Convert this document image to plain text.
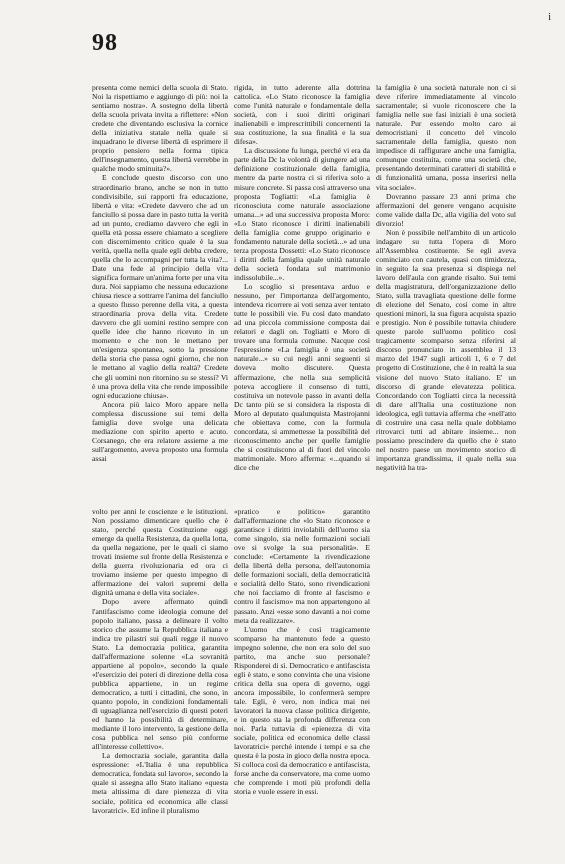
98
i

presenta come nemici della scuola di Stato. Noi la rispettiamo e aggiungo di più: noi la sentiamo nostra». A sostegno della libertà della scuola privata invita a riflettere: «Non credete che diventando esclusiva la cornice della iniziativa statale nella quale si inquadrano le diverse libertà di esprimere il proprio pensiero nella forma tipica dell'insegnamento, questa libertà verrebbe in qualche modo sminuita?».

E conclude questo discorso con uno straordinario brano, anche se non in tutto condivisibile, sui rapporti fra educazione, libertà e vita: «Credete davvero che ad un fanciullo si possa dare in pasto tutta la verità ad un punto, crediamo davvero che egli in quella età possa essere chiamato a scegliere con discernimento critico quale è la sua verità, quella nella quale egli debba credere, quella che lo accompagni per tutta la vita?... Date una fede al principio della vita significa formare un'anima forte per una vita dura. Noi sappiamo che nessuna educazione chiusa riesce a sottrarre l'anima del fanciullo a questo flusso perenne della vita, a questa straordinaria prova della vita. Credete davvero che gli uomini restino sempre con quelle idee che hanno ricevuto in un momento e che non le mettano per un'esigenza spontanea, sotto la pressione della storia che passa ogni giorno, che non le mettano al vaglio della realtà? Credete che gli uomini non ritornino su se stessi? Vi è una prova della vita che rende impossibile ogni educazione chiusa».

Ancora più laico Moro appare nella complessa discussione sui temi della famiglia dove svolge una delicata mediazione con spirito aperto e acuto. Corsanego, che era relatore assieme a me sull'argomento, aveva proposto una formula assai

rigida, in tutto aderente alla dottrina cattolica. «Lo Stato riconosce la famiglia come l'unità naturale e fondamentale della società, con i suoi diritti originari inalienabili e imprescrittibili concernenti la sua costituzione, la sua finalità e la sua difesa».

La discussione fu lunga, perché vi era da parte della Dc la volontà di giungere ad una definizione costituzionale della famiglia, mentre da parte nostra ci si riferiva solo a misure concrete. Si passa così attraverso una proposta Togliatti: «La famiglia è riconosciuta come naturale associazione umana...» ad una successiva proposta Moro: «Lo Stato riconosce i diritti inalienabili della famiglia come gruppo originario e fondamento naturale della società...» ad una terza proposta Dossetti: «Lo Stato riconosce i diritti della famiglia quale unità naturale della società fondata sul matrimonio indissolubile...».

Lo scoglio si presentava arduo e nessuno, per l'importanza dell'argomento, intendeva ricorrere ai voti senza aver tentato tutte le possibili vie. Fu così dato mandato ad una piccola commissione composta dai relatori e dagli on. Togliatti e Moro di trovare una formula comune. Nacque così l'espressione «La famiglia è una società naturale...» su cui negli anni seguenti si doveva molto discutere. Questa affermazione, che nella sua semplicità poteva accogliere il consenso di tutti, costituiva un notevole passo in avanti della Dc tanto più se si considera la risposta di Moro al deputato qualunquista Mastrojanni che obiettava come, con la formula concordata, si ammettesse la possibilità del riconoscimento anche per quelle famiglie che si costituiscono al di fuori del vincolo matrimoniale. Moro afferma: «...quando si dice che

la famiglia è una società naturale non ci si deve riferire immediatamente al vincolo sacramentale; si vuole riconoscere che la famiglia nelle sue fasi iniziali è una società naturale. Pur essendo molto caro ai democristiani il concetto del vincolo sacramentale della famiglia, questo non impedisce di raffigurare anche una famiglia, comunque costituita, come una società che, presentando determinati caratteri di stabilità e di funzionalità umana, possa inserirsi nella vita sociale».

Dovranno passare 23 anni prima che affermazioni del genere vengano acquisite come valide dalla Dc, alla vigilia del voto sul divorzio!

Non è possibile nell'ambito di un articolo indagare su tutta l'opera di Moro all'Assemblea costituente. Se egli aveva cominciato con cautela, quasi con timidezza, in seguito la sua presenza si dispiega nel lavoro dell'aula con grande risalto. Sui temi della magistratura, dell'organizzazione dello Stato, sulla travagliata questione delle forme di elezione del Senato, così come in altre questioni minori, la sua figura acquista spazio e prestigio. Non è possibile tuttavia chiudere queste parole sull'uomo politico così tragicamente scomparso senza riferirsi al discorso pronunciato in assemblea il 13 marzo del 1947 sugli articoli 1, 6 e 7 del progetto di Costituzione, che è in realtà la sua visione del nuovo Stato italiano. E' un discorso di grande elevatezza politica. Concordando con Togliatti circa la necessità di dare all'Italia una costituzione non ideologica, egli tuttavia afferma che «nell'atto di costruire una casa nella quale dobbiamo ritrovarci tutti ad abitare insieme... non possiamo prescindere da quello che è stato nel nostro paese un movimento storico di importanza grandissima, il quale nella sua negatività ha tra-

volto per anni le coscienze e le istituzioni. Non possiamo dimenticare quello che è stato, perché questa Costituzione oggi emerge da quella Resistenza, da quella lotta, da quella negazione, per le quali ci siamo trovati insieme sul fronte della Resistenza e della guerra rivoluzionaria ed ora ci troviamo insieme per questo impegno di affermazione dei valori supremi della dignità umana e della vita sociale».

Dopo avere affermato quindi l'antifascismo come ideologia comune del popolo italiano, passa a delineare il volto storico che assume la Repubblica italiana e indica tre pilastri sui quali regge il nuovo Stato. La democrazia politica, garantita dall'affermazione solenne «La sovranità appartiene al popolo», secondo la quale «l'esercizio dei poteri di direzione della cosa pubblica appartiene, in un regime democratico, a tutti i cittadini, che sono, in quanto popolo, in condizioni fondamentali di uguaglianza nell'esercizio di questi poteri ed hanno la possibilità di determinare, mediante il loro intervento, la gestione della cosa pubblica nel senso più conforme all'interesse collettivo».

La democrazia sociale, garantita dalla espressione: «L'Italia è una repubblica democratica, fondata sul lavoro», secondo la quale si assegna allo Stato italiano «questa meta altissima di dare pienezza di vita sociale, politica ed economica alle classi lavoratrici». Ed infine il pluralismo

«pratico e politico» garantito dall'affermazione che «lo Stato riconosce e garantisce i diritti inviolabili dell'uomo sia come singolo, sia nelle formazioni sociali ove si svolge la sua personalità». E conclude: «Certamente la rivendicazione della libertà della persona, dell'autonomia delle formazioni sociali, della democraticità e socialità dello Stato, sono rivendicazioni che noi facciamo di fronte al fascismo e contro il fascismo» ma non appartengono al passato. Anzi «esse sono davanti a noi come meta da realizzare».

L'uomo che è così tragicamente scomparso ha mantenuto fede a questo impegno solenne, che non era solo del suo partito, ma anche suo personale? Risponderei di sì. Democratico e antifascista egli è stato, e sono convinta che una visione critica della sua opera di governo, oggi ancora impossibile, lo confermerà sempre tale. Egli, è vero, non indica mai nei lavoratori la nuova classe politica dirigente, e in questo sta la profonda differenza con noi. Parla tuttavia di «pienezza di vita sociale, politica ed economica delle classi lavoratrici» perché intende i tempi e sa che questa è la posta in gioco della nostra epoca. Si colloca così da democratico e antifascista, forse anche da conservatore, ma come uomo che comprende i moti più profondi della storia e vuole essere in essi.
